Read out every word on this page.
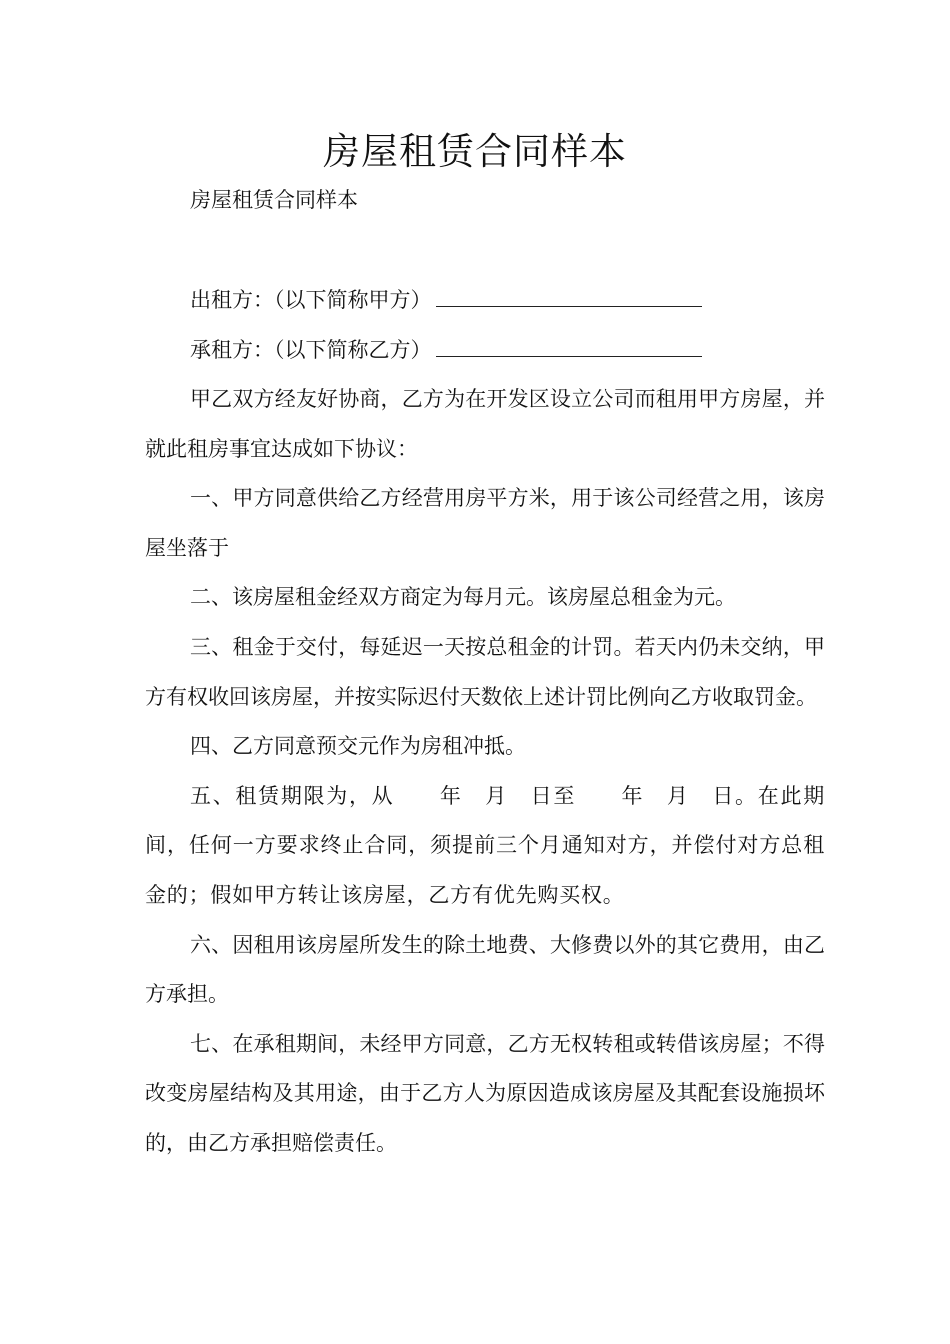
房屋租赁合同样本
房屋租赁合同样本
出租方：（以下简称甲方）
承租方：（以下简称乙方）

甲乙双方经友好协商，乙方为在开发区设立公司而租用甲方房屋，并就此租房事宜达成如下协议：

一、甲方同意供给乙方经营用房平方米，用于该公司经营之用，该房屋坐落于

二、该房屋租金经双方商定为每月元。该房屋总租金为元。

三、租金于交付，每延迟一天按总租金的计罚。若天内仍未交纳，甲方有权收回该房屋，并按实际迟付天数依上述计罚比例向乙方收取罚金。

四、乙方同意预交元作为房租冲抵。

五、租赁期限为，从　　年　月　日至　　年　月　日。在此期间，任何一方要求终止合同，须提前三个月通知对方，并偿付对方总租金的；假如甲方转让该房屋，乙方有优先购买权。

六、因租用该房屋所发生的除土地费、大修费以外的其它费用，由乙方承担。

七、在承租期间，未经甲方同意，乙方无权转租或转借该房屋；不得改变房屋结构及其用途，由于乙方人为原因造成该房屋及其配套设施损坏的，由乙方承担赔偿责任。
